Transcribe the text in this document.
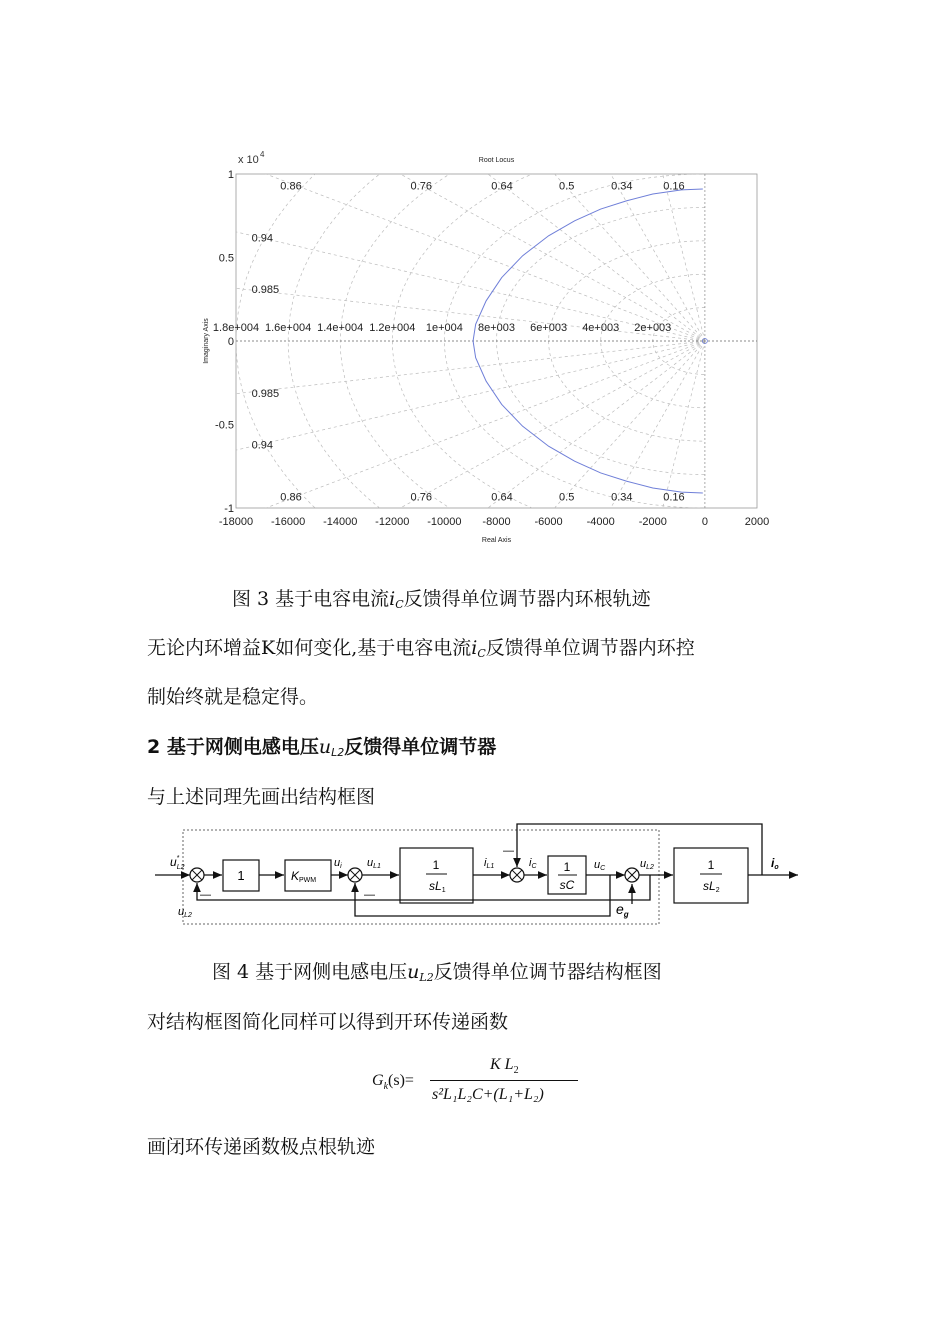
-18000 -16000 -14000 -12000 -10000 -8000 -6000 -4000 -2000	0	2000
1
0.5
0
-0.5
-1
x 10 4
Root Locus
Real Axis
Imaginary Axis
0.86	0.76	0.64	0.5	0.34	0.16
0.94
0.985
0.985
0.94
0.86	0.76	0.64	0.5	0.34	0.16
2e+003
4e+003
6e+003
8e+003
1e+004
1.2e+004
1.4e+004
1.6e+004
1.8e+004
图 3 基于电容电流iC反馈得单位调节器内环根轨迹
无论内环增益K如何变化,基于电容电流iC反馈得单位调节器内环控
制始终就是稳定得。
2 基于网侧电感电压uL2反馈得单位调节器
与上述同理先画出结构框图
$u_{L2}*$
1	KPWM
ui uL1
—
1
sL1
iL1
—
iC 1
sC
uC	uL2
$e_g$
1
sL2
io
—
uL2
图 4 基于网侧电感电压uL2反馈得单位调节器结构框图
对结构框图简化同样可以得到开环传递函数
$G_k(s)=$
K $L_2$
s²L₁L₂C+(L₁+L₂)
画闭环传递函数极点根轨迹
